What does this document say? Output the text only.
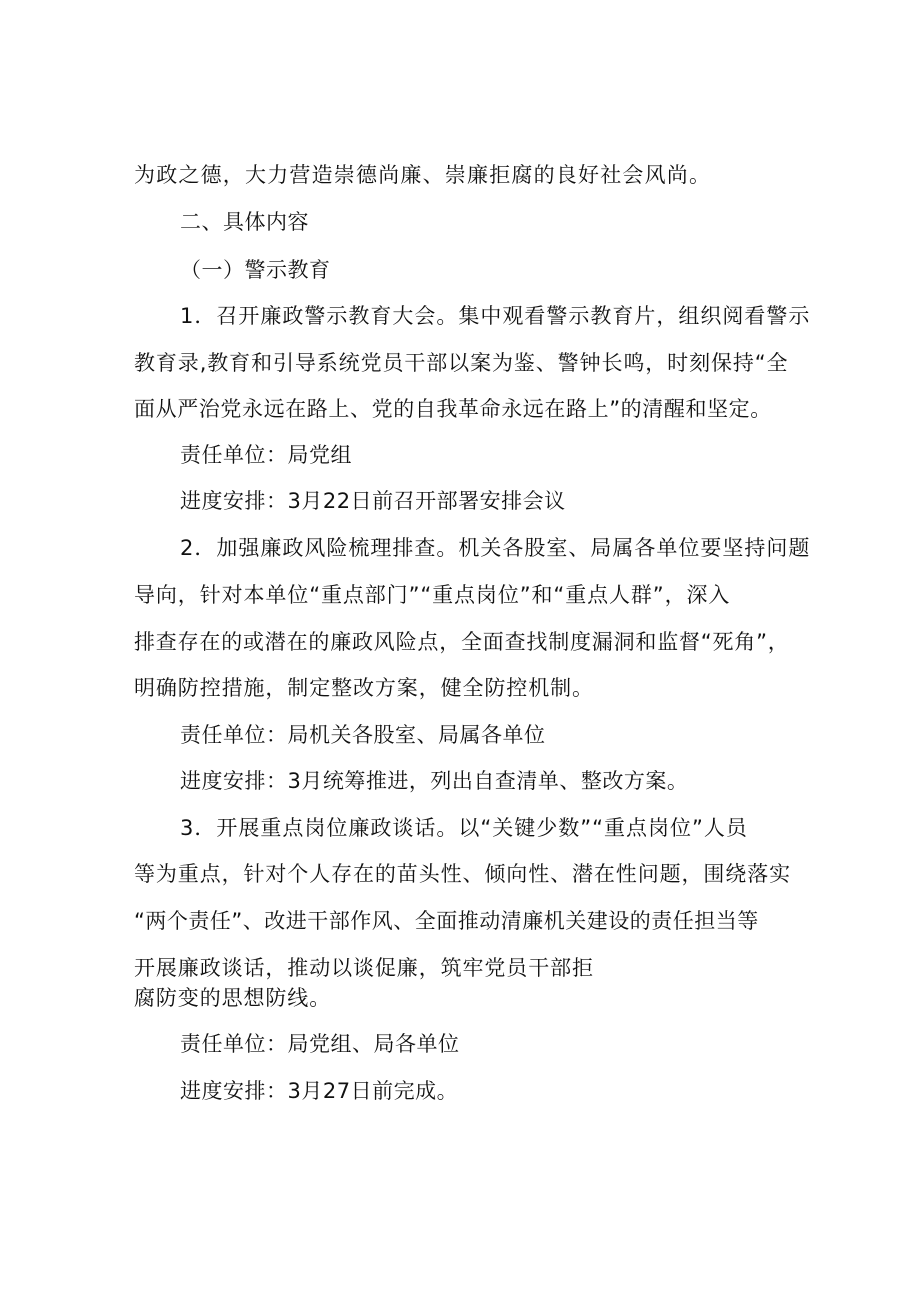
为政之德，大力营造崇德尚廉、崇廉拒腐的良好社会风尚。
二、具体内容
（一）警示教育
1．召开廉政警示教育大会。集中观看警示教育片，组织阅看警示
教育录,教育和引导系统党员干部以案为鉴、警钟长鸣，时刻保持“全
面从严治党永远在路上、党的自我革命永远在路上”的清醒和坚定。
责任单位：局党组
进度安排：3月22日前召开部署安排会议
2．加强廉政风险梳理排查。机关各股室、局属各单位要坚持问题
导向，针对本单位“重点部门”“重点岗位”和“重点人群”，深入
排查存在的或潜在的廉政风险点，全面查找制度漏洞和监督“死角”，
明确防控措施，制定整改方案，健全防控机制。
责任单位：局机关各股室、局属各单位
进度安排：3月统筹推进，列出自查清单、整改方案。
3．开展重点岗位廉政谈话。以“关键少数”“重点岗位”人员
等为重点，针对个人存在的苗头性、倾向性、潜在性问题，围绕落实
“两个责任”、改进干部作风、全面推动清廉机关建设的责任担当等
开展廉政谈话，推动以谈促廉，筑牢党员干部拒
腐防变的思想防线。
责任单位：局党组、局各单位
进度安排：3月27日前完成。
